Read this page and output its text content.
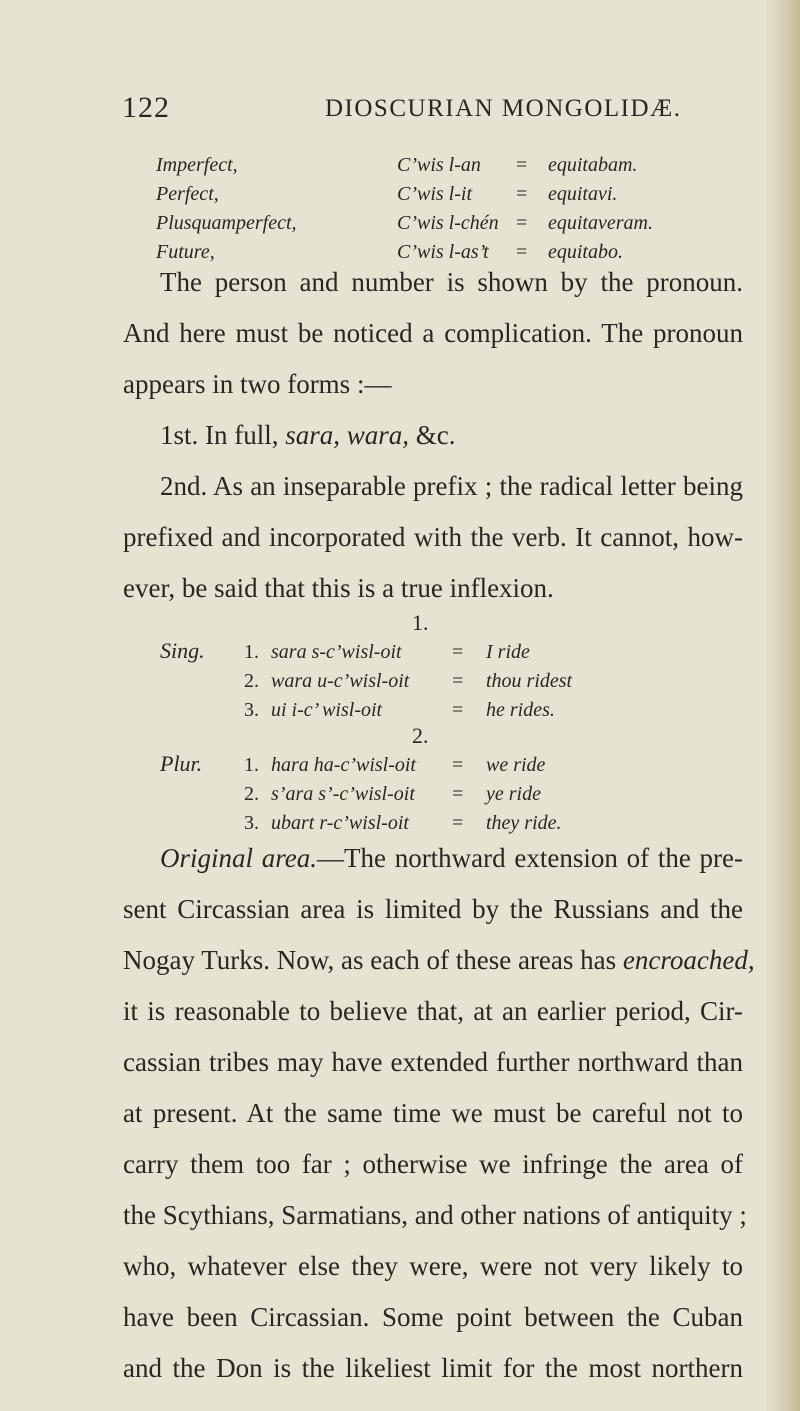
122	DIOSCURIAN MONGOLIDÆ.
Imperfect,	C’wis l-an = equitabam.
Perfect,	C’wis l-it = equitavi.
Plusquamperfect,	C’wis l-chén = equitaveram.
Future,	C’wis l-as’t = equitabo.
The person and number is shown by the pronoun.
And here must be noticed a complication. The pronoun
appears in two forms :—
1st. In full, sara, wara, &c.
2nd. As an inseparable prefix ; the radical letter being
prefixed and incorporated with the verb. It cannot, how-
ever, be said that this is a true inflexion.
1.
Sing. 1. sara s-c’wisl-oit	= I ride
2. wara u-c’wisl-oit = thou ridest
3. ui i-c’ wisl-oit	= he rides.
2.
Plur. 1. hara ha-c’wisl-oit = we ride
2. s’ara s’-c’wisl-oit = ye ride
3. ubart r-c’wisl-oit = they ride.
Original area.—The northward extension of the pre-
sent Circassian area is limited by the Russians and the
Nogay Turks. Now, as each of these areas has encroached,
it is reasonable to believe that, at an earlier period, Cir-
cassian tribes may have extended further northward than
at present. At the same time we must be careful not to
carry them too far ; otherwise we infringe the area of
the Scythians, Sarmatians, and other nations of antiquity ;
who, whatever else they were, were not very likely to
have been Circassian. Some point between the Cuban
and the Don is the likeliest limit for the most northern
